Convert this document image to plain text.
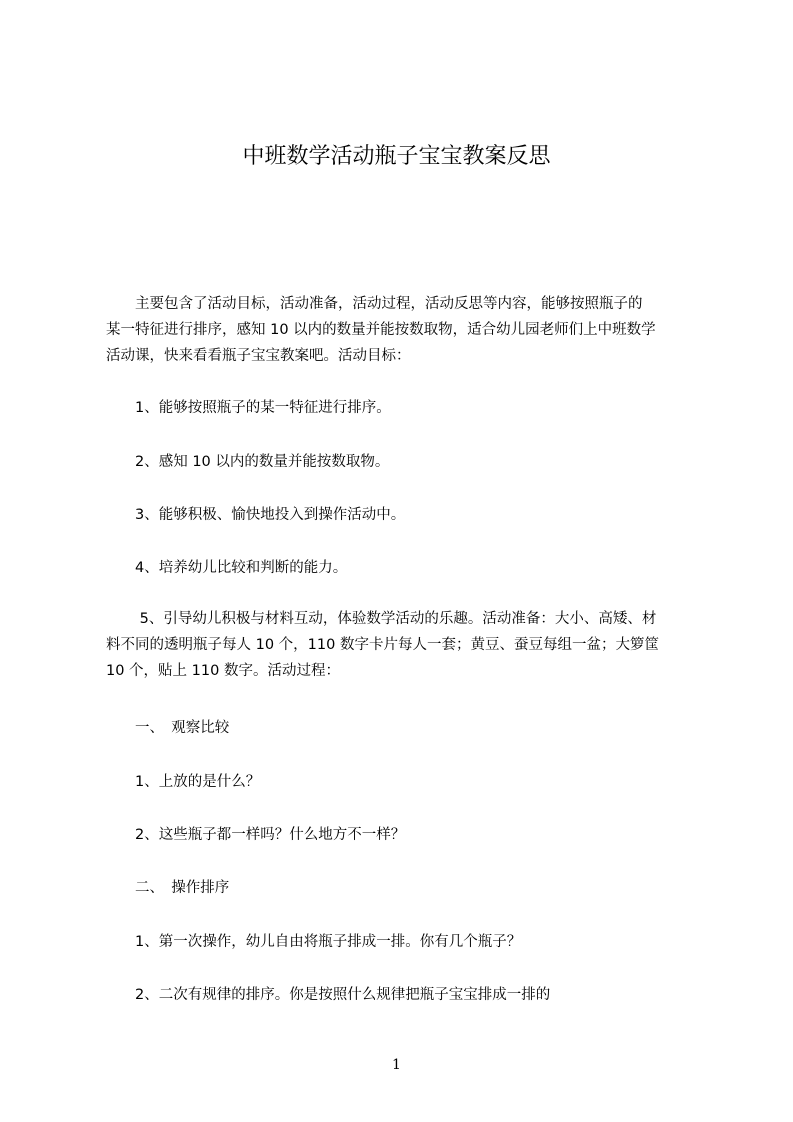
中班数学活动瓶子宝宝教案反思
　　主要包含了活动目标，活动准备，活动过程，活动反思等内容，能够按照瓶子的
某一特征进行排序，感知 10 以内的数量并能按数取物，适合幼儿园老师们上中班数学
活动课，快来看看瓶子宝宝教案吧。活动目标：
1、能够按照瓶子的某一特征进行排序。
2、感知 10 以内的数量并能按数取物。
3、能够积极、愉快地投入到操作活动中。
4、培养幼儿比较和判断的能力。
　　 5、引导幼儿积极与材料互动，体验数学活动的乐趣。活动准备：大小、高矮、材
料不同的透明瓶子每人 10 个，110 数字卡片每人一套；黄豆、蚕豆每组一盆；大箩筐
10 个，贴上 110 数字。活动过程：
一、　观察比较
1、上放的是什么？
2、这些瓶子都一样吗？什么地方不一样？
二、　操作排序
1、第一次操作，幼儿自由将瓶子排成一排。你有几个瓶子？
2、二次有规律的排序。你是按照什么规律把瓶子宝宝排成一排的
1
